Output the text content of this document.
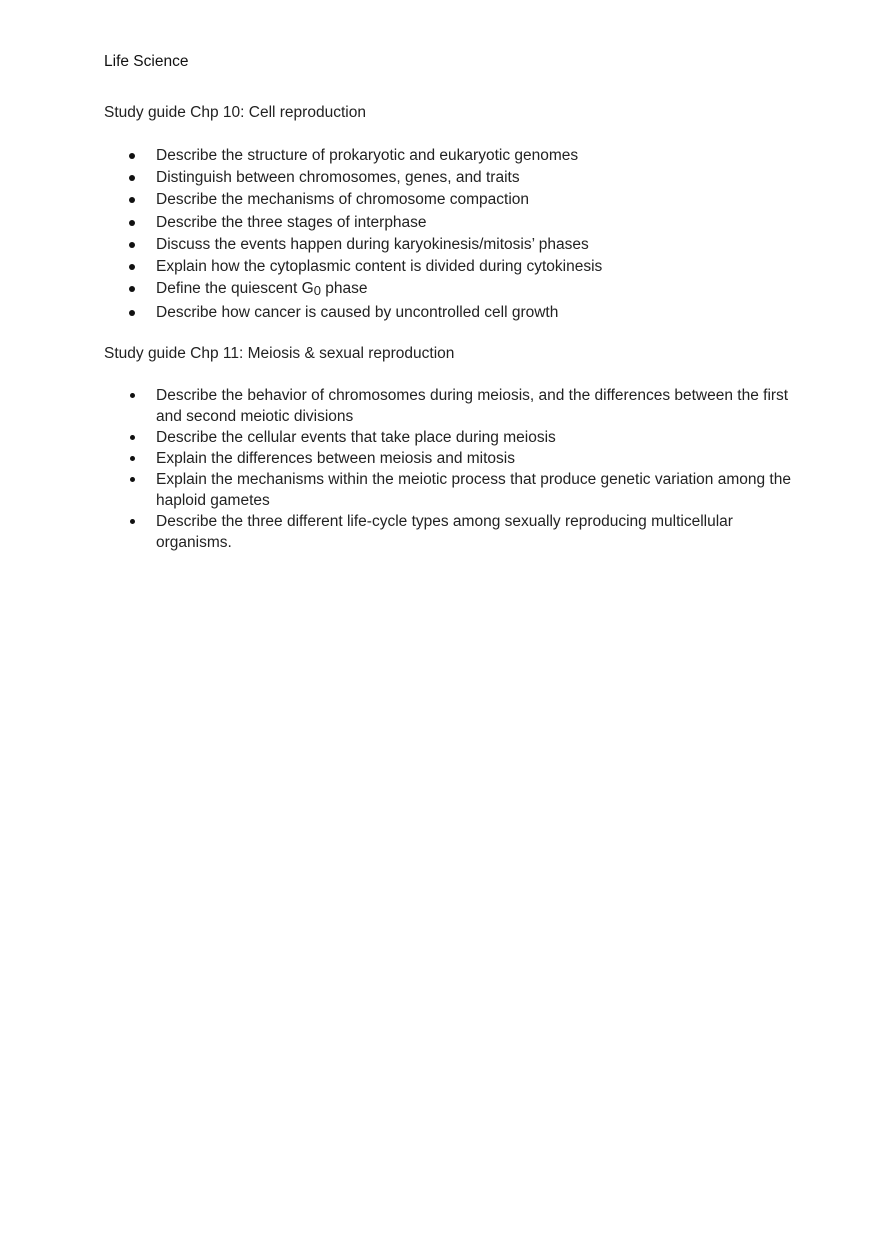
Life Science
Study guide Chp 10: Cell reproduction
Describe the structure of prokaryotic and eukaryotic genomes
Distinguish between chromosomes, genes, and traits
Describe the mechanisms of chromosome compaction
Describe the three stages of interphase
Discuss the events happen during karyokinesis/mitosis’ phases
Explain how the cytoplasmic content is divided during cytokinesis
Define the quiescent G0 phase
Describe how cancer is caused by uncontrolled cell growth
Study guide Chp 11: Meiosis & sexual reproduction
Describe the behavior of chromosomes during meiosis, and the differences between the first and second meiotic divisions
Describe the cellular events that take place during meiosis
Explain the differences between meiosis and mitosis
Explain the mechanisms within the meiotic process that produce genetic variation among the haploid gametes
Describe the three different life-cycle types among sexually reproducing multicellular organisms.
